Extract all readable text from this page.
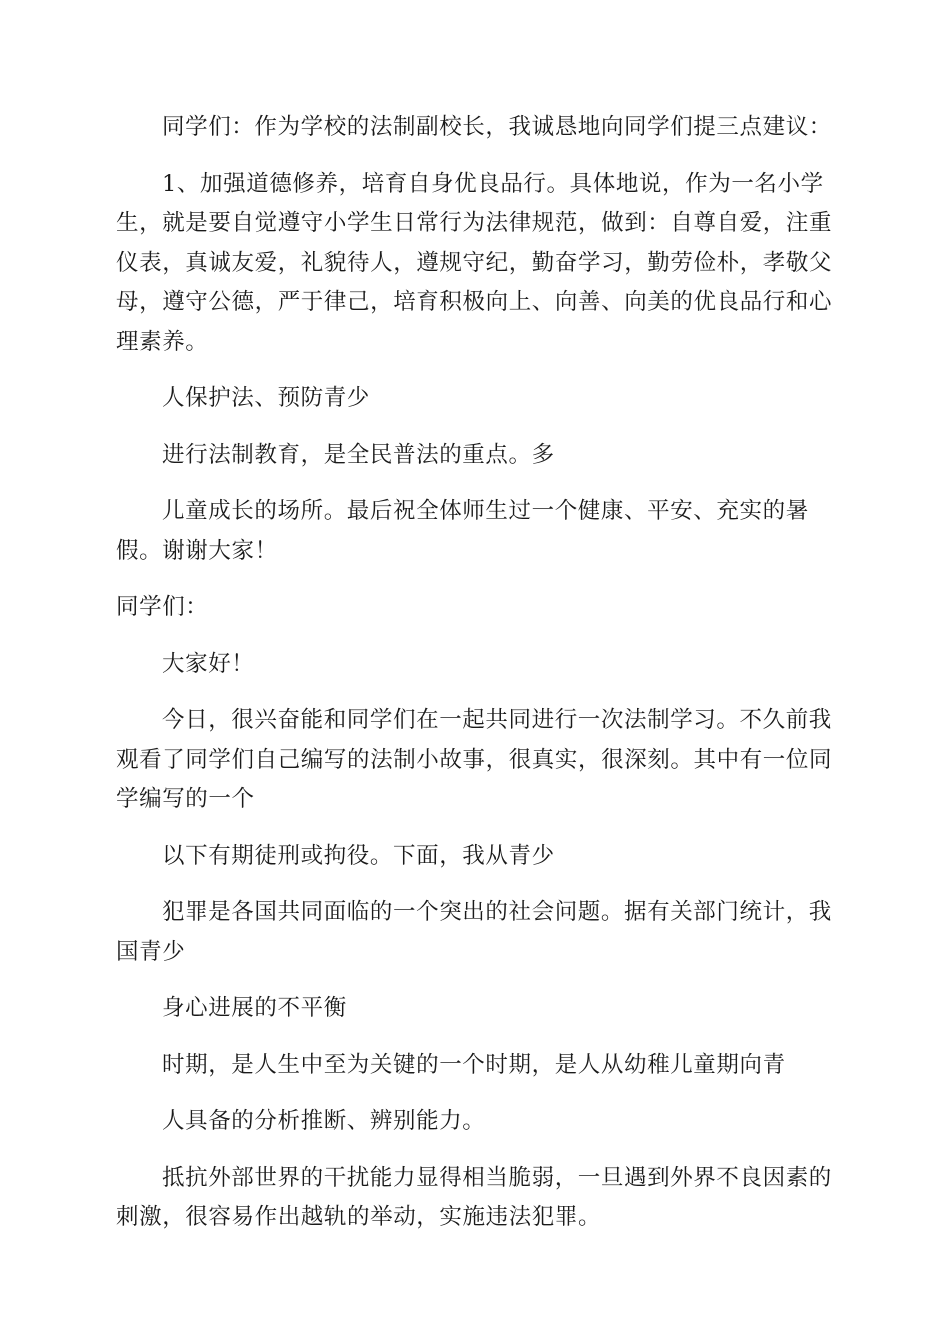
同学们：作为学校的法制副校长，我诚恳地向同学们提三点建议：

1、加强道德修养，培育自身优良品行。具体地说，作为一名小学生，就是要自觉遵守小学生日常行为法律规范，做到：自尊自爱，注重仪表，真诚友爱，礼貌待人，遵规守纪，勤奋学习，勤劳俭朴，孝敬父母，遵守公德，严于律己，培育积极向上、向善、向美的优良品行和心理素养。

人保护法、预防青少

进行法制教育，是全民普法的重点。多

儿童成长的场所。最后祝全体师生过一个健康、平安、充实的暑假。谢谢大家！

同学们：

大家好！

今日，很兴奋能和同学们在一起共同进行一次法制学习。不久前我观看了同学们自己编写的法制小故事，很真实，很深刻。其中有一位同学编写的一个

以下有期徒刑或拘役。下面，我从青少

犯罪是各国共同面临的一个突出的社会问题。据有关部门统计，我国青少

身心进展的不平衡

时期，是人生中至为关键的一个时期，是人从幼稚儿童期向青

人具备的分析推断、辨别能力。

抵抗外部世界的干扰能力显得相当脆弱，一旦遇到外界不良因素的刺激，很容易作出越轨的举动，实施违法犯罪。
